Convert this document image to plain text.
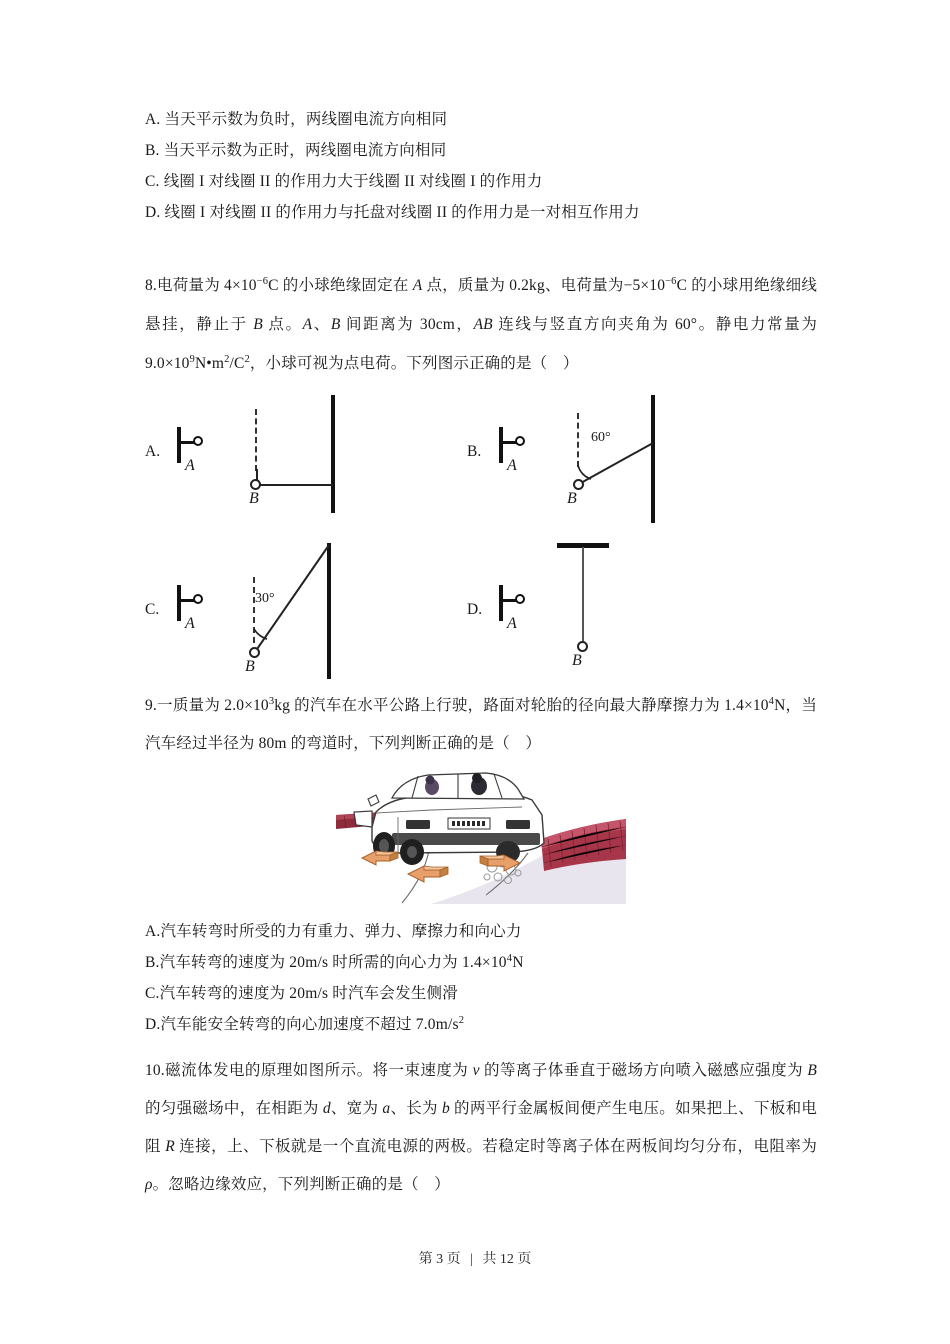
A. 当天平示数为负时，两线圈电流方向相同
B. 当天平示数为正时，两线圈电流方向相同
C. 线圈 I 对线圈 II 的作用力大于线圈 II 对线圈 I 的作用力
D. 线圈 I 对线圈 II 的作用力与托盘对线圈 II 的作用力是一对相互作用力
8.电荷量为 $4\times 10^{-6}C$ 的小球绝缘固定在 A 点，质量为 0.2kg、电荷量为$-5\times 10^{-6}C$ 的小球用绝缘细线悬挂，静止于 B 点。A、B 间距离为 30cm，AB 连线与竖直方向夹角为 60°。静电力常量为 $9.0\times 10^9N•m^2/C^2$，小球可视为点电荷。下列图示正确的是（　）
A.
A
B
B.
A
60°
B
C.
A
30°
B
D.
A
B
9.一质量为 $2.0\times 10^3kg$ 的汽车在水平公路上行驶，路面对轮胎的径向最大静摩擦力为 $1.4\times 10^4N$，当汽车经过半径为 80m 的弯道时，下列判断正确的是（　）
A.汽车转弯时所受的力有重力、弹力、摩擦力和向心力
B.汽车转弯的速度为 20m/s 时所需的向心力为 $1.4\times 10^4N$
C.汽车转弯的速度为 20m/s 时汽车会发生侧滑
D.汽车能安全转弯的向心加速度不超过 $7.0m/s^2$
10.磁流体发电的原理如图所示。将一束速度为 v 的等离子体垂直于磁场方向喷入磁感应强度为 B 的匀强磁场中，在相距为 d、宽为 a、长为 b 的两平行金属板间便产生电压。如果把上、下板和电阻 R 连接，上、下板就是一个直流电源的两极。若稳定时等离子体在两板间均匀分布，电阻率为 ρ。忽略边缘效应，下列判断正确的是（　）
第 3 页 | 共 12 页
